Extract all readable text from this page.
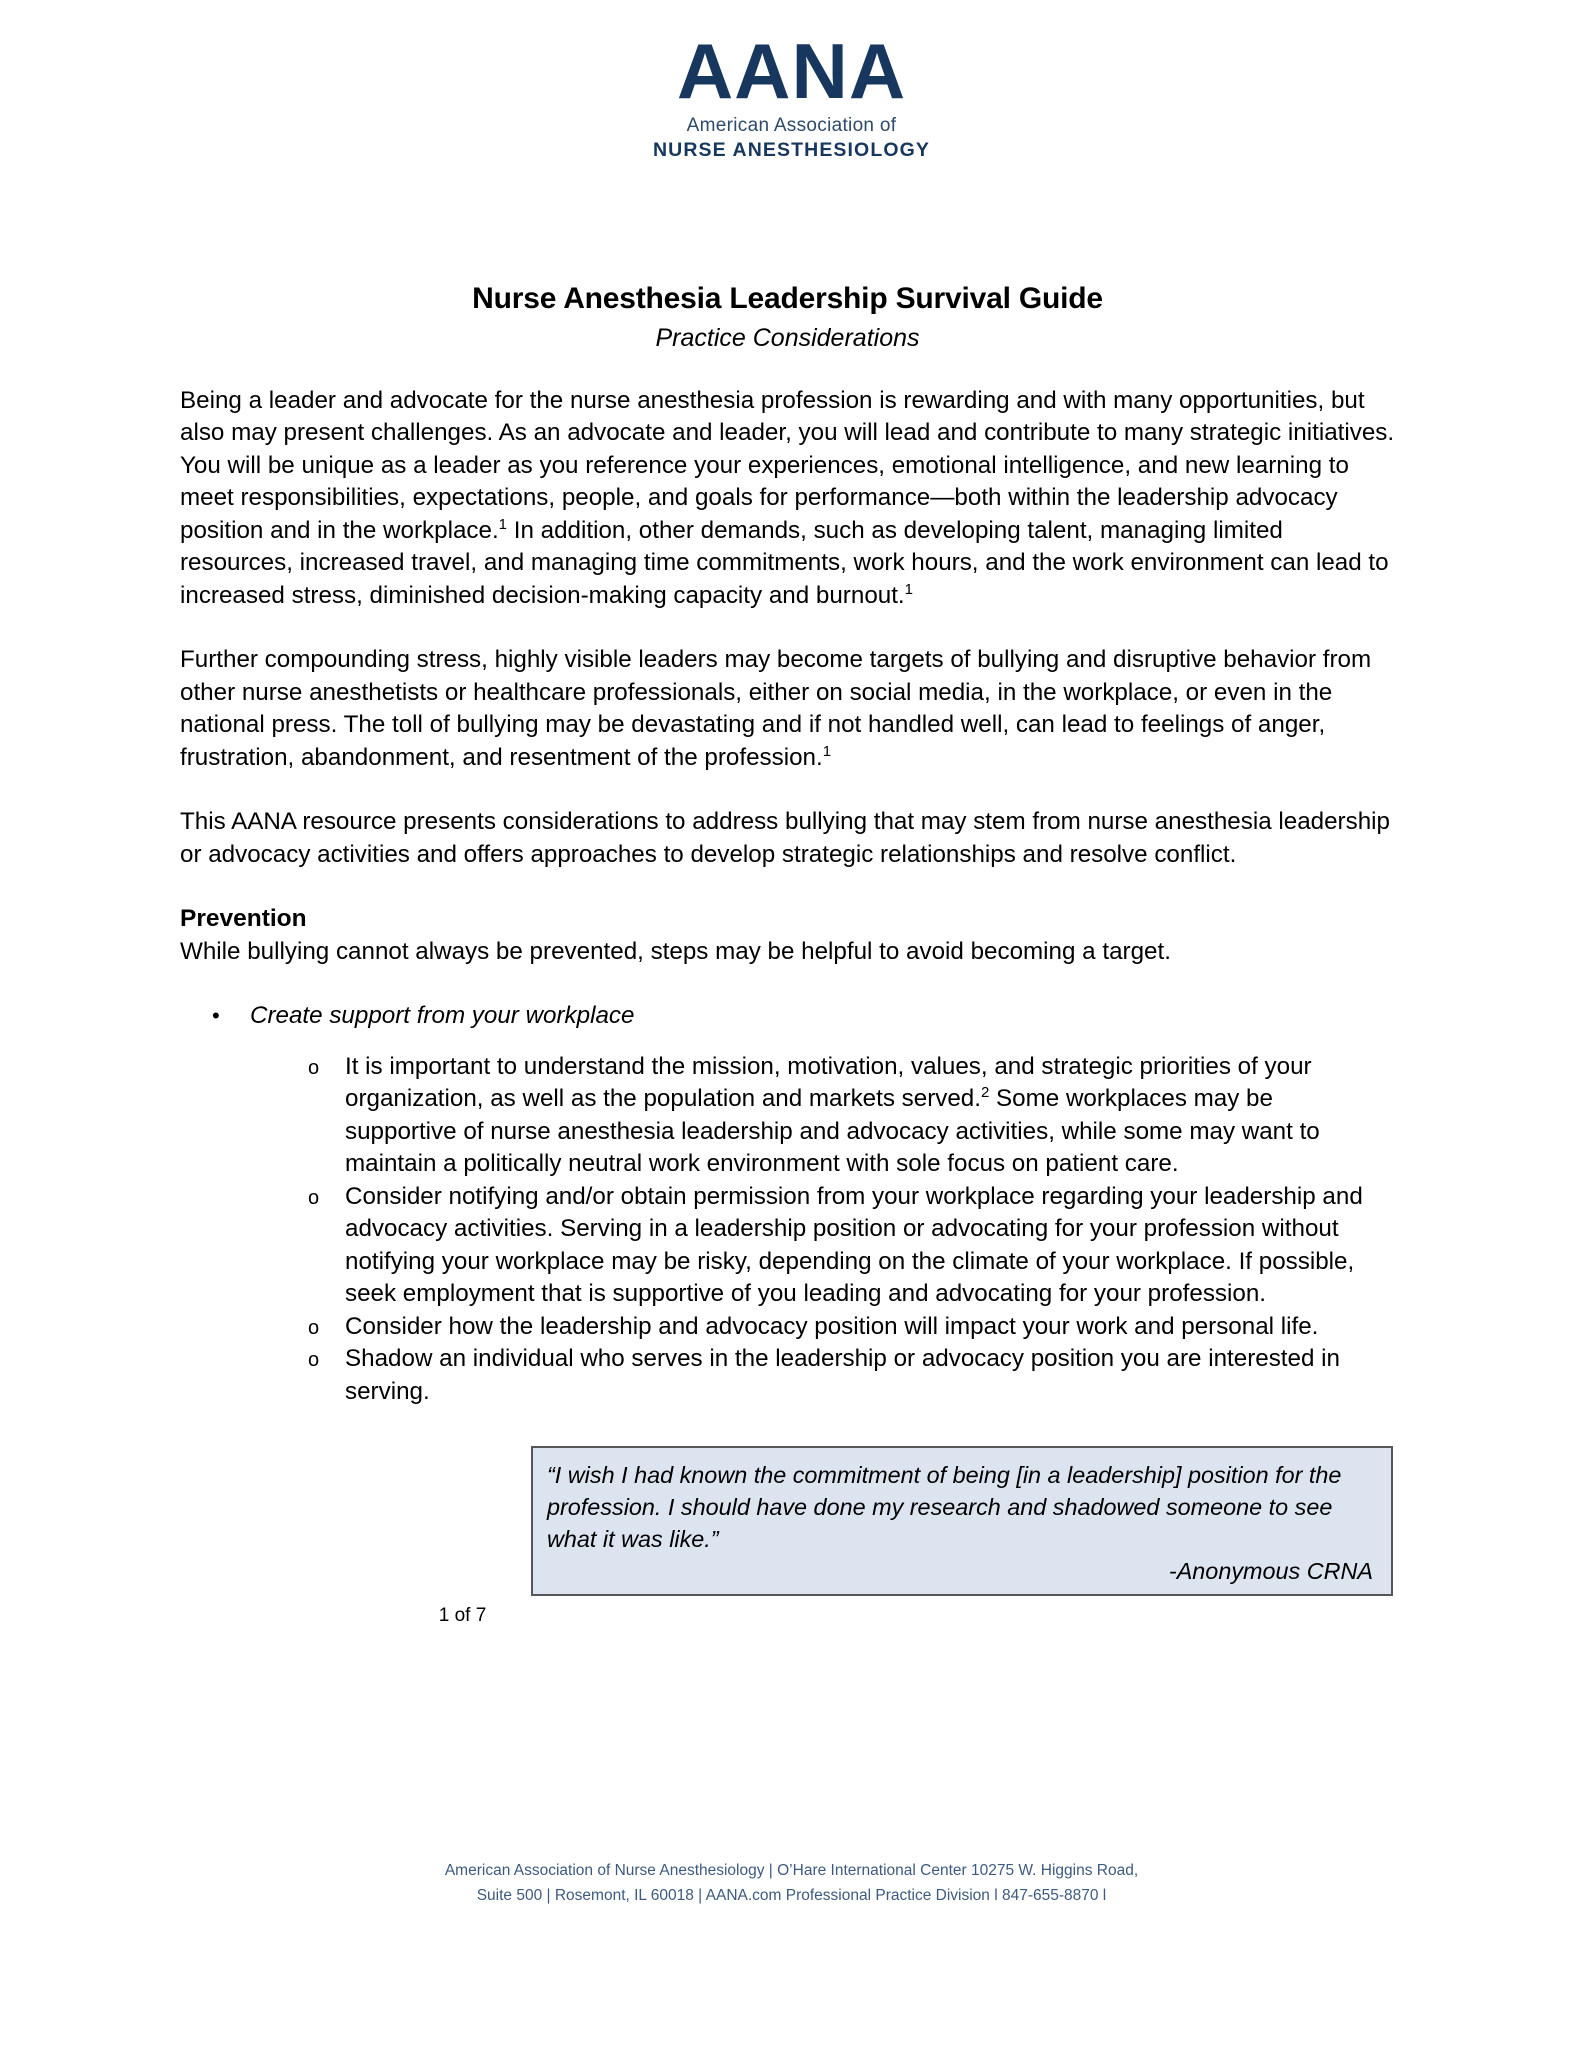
AANA
American Association of
NURSE ANESTHESIOLOGY
Nurse Anesthesia Leadership Survival Guide
Practice Considerations

Being a leader and advocate for the nurse anesthesia profession is rewarding and with many opportunities, but also may present challenges. As an advocate and leader, you will lead and contribute to many strategic initiatives. You will be unique as a leader as you reference your experiences, emotional intelligence, and new learning to meet responsibilities, expectations, people, and goals for performance—both within the leadership advocacy position and in the workplace.$^1$ In addition, other demands, such as developing talent, managing limited resources, increased travel, and managing time commitments, work hours, and the work environment can lead to increased stress, diminished decision-making capacity and burnout.$^1$

Further compounding stress, highly visible leaders may become targets of bullying and disruptive behavior from other nurse anesthetists or healthcare professionals, either on social media, in the workplace, or even in the national press. The toll of bullying may be devastating and if not handled well, can lead to feelings of anger, frustration, abandonment, and resentment of the profession.$^1$

This AANA resource presents considerations to address bullying that may stem from nurse anesthesia leadership or advocacy activities and offers approaches to develop strategic relationships and resolve conflict.

Prevention

While bullying cannot always be prevented, steps may be helpful to avoid becoming a target.

• Create support from your workplace
o It is important to understand the mission, motivation, values, and strategic priorities of your organization, as well as the population and markets served.$^2$ Some workplaces may be supportive of nurse anesthesia leadership and advocacy activities, while some may want to maintain a politically neutral work environment with sole focus on patient care.
o Consider notifying and/or obtain permission from your workplace regarding your leadership and advocacy activities. Serving in a leadership position or advocating for your profession without notifying your workplace may be risky, depending on the climate of your workplace. If possible, seek employment that is supportive of you leading and advocating for your profession.
o Consider how the leadership and advocacy position will impact your work and personal life.
o Shadow an individual who serves in the leadership or advocacy position you are interested in serving.

“I wish I had known the commitment of being [in a leadership] position for the profession. I should have done my research and shadowed someone to see what it was like.”

-Anonymous CRNA

1 of 7
American Association of Nurse Anesthesiology | O’Hare International Center 10275 W. Higgins Road,
Suite 500 | Rosemont, IL 60018 | AANA.com Professional Practice Division l 847-655-8870 l
